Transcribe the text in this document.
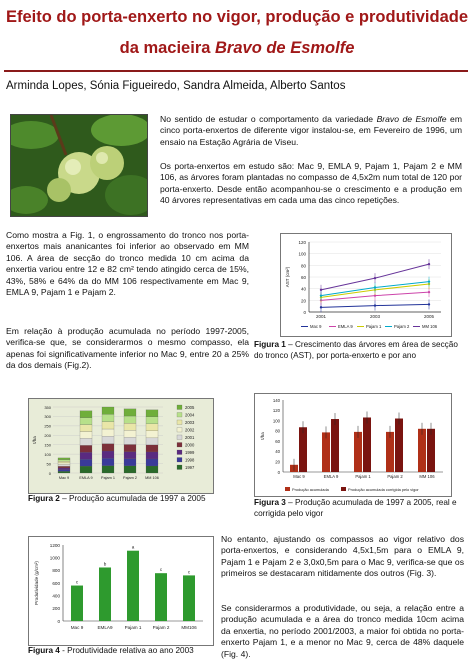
Efeito do porta-enxerto no vigor, produção e produtividade
da macieira Bravo de Esmolfe
Arminda Lopes, Sónia Figueiredo, Sandra Almeida, Alberto Santos
No sentido de estudar o comportamento da variedade Bravo de Esmolfe em cinco porta-enxertos de diferente vigor instalou-se, em Fevereiro de 1996, um ensaio na Estação Agrária de Viseu.
Os porta-enxertos em estudo são: Mac 9, EMLA 9, Pajam 1, Pajam 2 e MM 106, as árvores foram plantadas no compasso de 4,5x2m num total de 120 por porta-enxerto. Desde então acompanhou-se o crescimento e a produção em 40 árvores representativas em cada uma das cinco repetições.
Como mostra a Fig. 1, o engrossamento do tronco nos porta-enxertos mais ananicantes foi inferior ao observado em MM 106. A área de secção do tronco medida 10 cm acima da enxertia variou entre 12 e 82 cm² tendo atingido cerca de 15%, 43%, 58% e 64% da do MM 106 respectivamente em Mac 9, EMLA 9, Pajam 1 e Pajam 2.
Em relação à produção acumulada no período 1997-2005, verifica-se que, se considerarmos o mesmo compasso, ela apenas foi significativamente inferior no Mac 9, entre 20 a 25% da dos demais (Fig.2).
0
20
40
60
80
100
120
AST (cm²)
2001	2003	2005
Mac 9	EMLA 9	Pajam 1	Pajam 2	MM 106
Figura 1 – Crescimento das árvores em área de secção do tronco (AST), por porta-enxerto e por ano
0
50
100
150
200
250
300
350
t/ha
Mac 9	EMLA 9 Pajam 1 Pajam 2 MM 106
2005
2004
2003
2002
2001
2000
1999
1998
1997
Figura 2 – Produção acumulada de 1997 a 2005
0
20
40
60
80
100
120
140
t/ha
Mac 9	EMLA 9	Pajam 1	Pajam 2	MM 106
Produção acumulada	Produção acumulada corrigida pelo vigor
Figura 3 – Produção acumulada de 1997 a 2005, real e corrigida pelo vigor
0
200
400
600
800
1000
1200
Produtividade (g/cm²)	c
Mac 9
b
EMLA9
a
Pajam 1
c
Pajam 2
c
MM106
Figura 4 - Produtividade relativa ao ano 2003
No entanto, ajustando os compassos ao vigor relativo dos porta-enxertos, e considerando 4,5x1,5m para o EMLA 9, Pajam 1 e Pajam 2 e 3,0x0,5m para o Mac 9, verifica-se que os primeiros se destacaram nitidamente dos outros (Fig. 3).
Se considerarmos a produtividade, ou seja, a relação entre a produção acumulada e a área do tronco medida 10cm acima da enxertia, no período 2001/2003, a maior foi obtida no porta-enxerto Pajam 1, e a menor no Mac 9, cerca de 48% daquele (Fig. 4).
